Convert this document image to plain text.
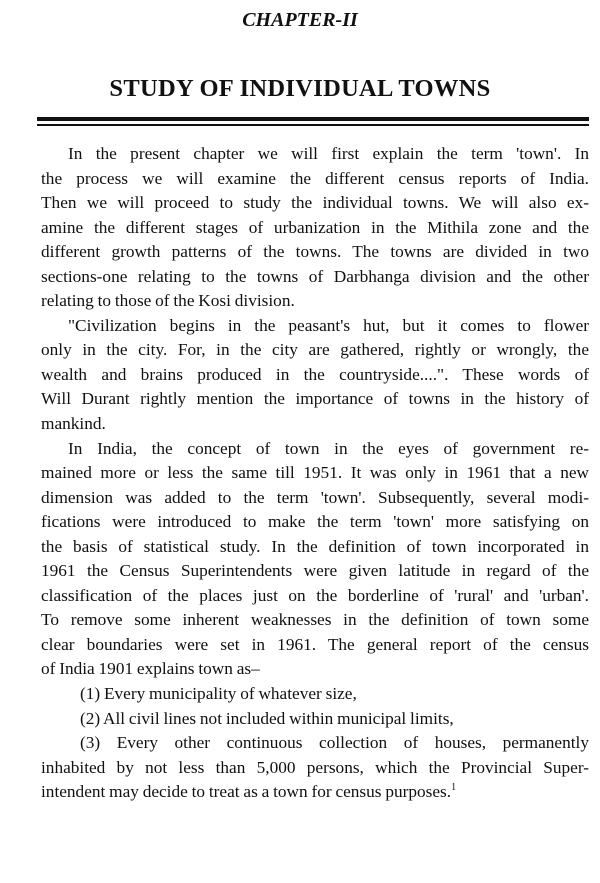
CHAPTER-II
STUDY OF INDIVIDUAL TOWNS
In the present chapter we will first explain the term 'town'. In
the process we will examine the different census reports of India.
Then we will proceed to study the individual towns. We will also ex-
amine the different stages of urbanization in the Mithila zone and the
different growth patterns of the towns. The towns are divided in two
sections-one relating to the towns of Darbhanga division and the other
relating to those of the Kosi division.
"Civilization begins in the peasant's hut, but it comes to flower
only in the city. For, in the city are gathered, rightly or wrongly, the
wealth and brains produced in the countryside....". These words of
Will Durant rightly mention the importance of towns in the history of
mankind.
In India, the concept of town in the eyes of government re-
mained more or less the same till 1951. It was only in 1961 that a new
dimension was added to the term 'town'. Subsequently, several modi-
fications were introduced to make the term 'town' more satisfying on
the basis of statistical study. In the definition of town incorporated in
1961 the Census Superintendents were given latitude in regard of the
classification of the places just on the borderline of 'rural' and 'urban'.
To remove some inherent weaknesses in the definition of town some
clear boundaries were set in 1961. The general report of the census
of India 1901 explains town as–
(1) Every municipality of whatever size,
(2) All civil lines not included within municipal limits,
(3) Every other continuous collection of houses, permanently
inhabited by not less than 5,000 persons, which the Provincial Super-
intendent may decide to treat as a town for census purposes.$^1$
